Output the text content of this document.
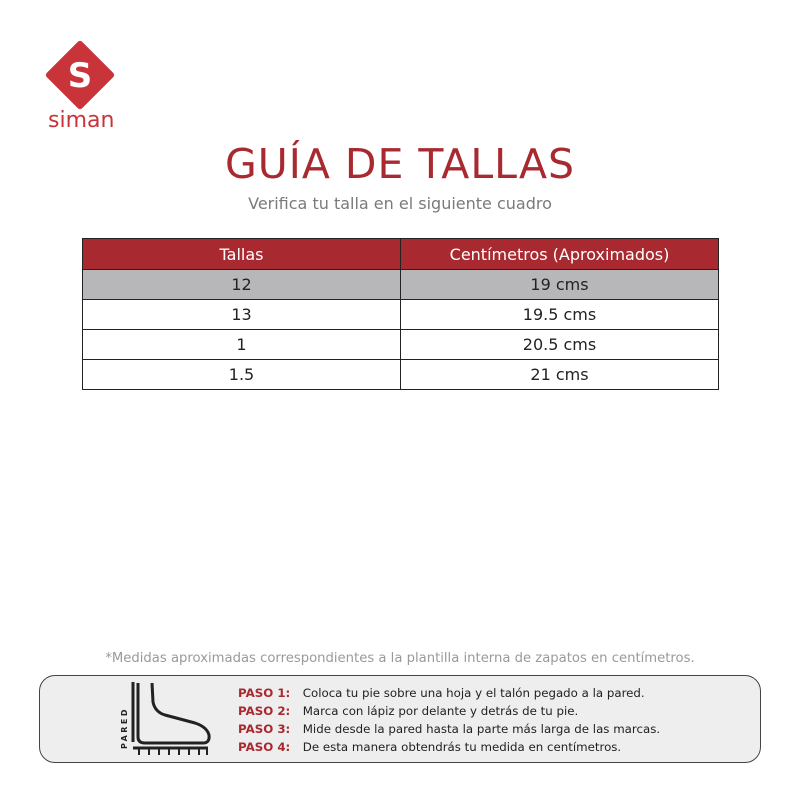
S
siman
GUÍA DE TALLAS
Verifica tu talla en el siguiente cuadro
Tallas	Centímetros (Aproximados)
12	19 cms
13	19.5 cms
1	20.5 cms
1.5	21 cms
*Medidas aproximadas correspondientes a la plantilla interna de zapatos en centímetros.
PARED
PASO 1: Coloca tu pie sobre una hoja y el talón pegado a la pared.
PASO 2: Marca con lápiz por delante y detrás de tu pie.
PASO 3: Mide desde la pared hasta la parte más larga de las marcas.
PASO 4: De esta manera obtendrás tu medida en centímetros.
